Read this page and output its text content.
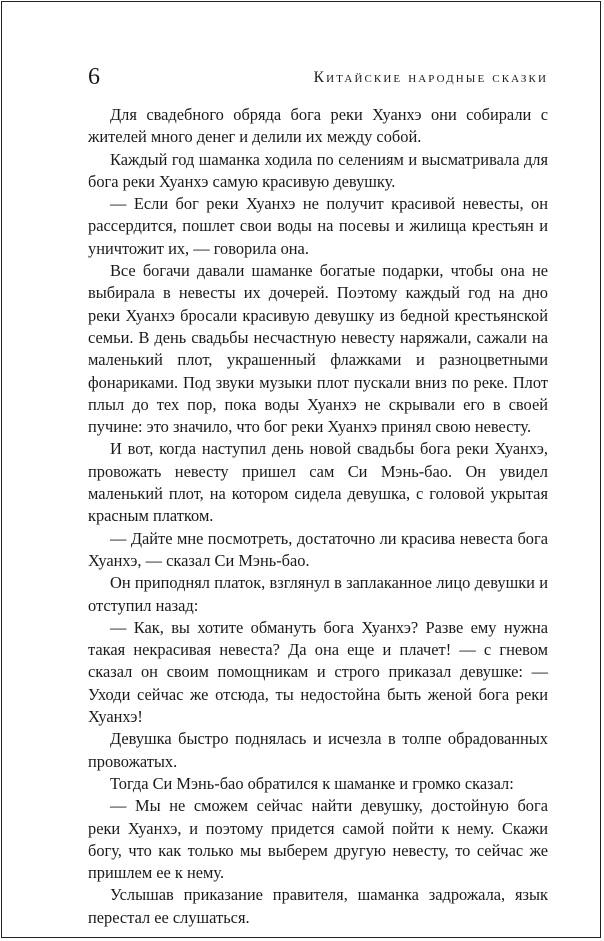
6	Китайские народные сказки

Для свадебного обряда бога реки Хуанхэ они собирали с жителей много денег и делили их между собой.

Каждый год шаманка ходила по селениям и высматривала для бога реки Хуанхэ самую красивую девушку.

— Если бог реки Хуанхэ не получит красивой невесты, он рассердится, пошлет свои воды на посевы и жилища крестьян и уничтожит их, — говорила она.

Все богачи давали шаманке богатые подарки, чтобы она не выбирала в невесты их дочерей. Поэтому каждый год на дно реки Хуанхэ бросали красивую девушку из бедной крестьянской семьи. В день свадьбы несчастную невесту наряжали, сажали на маленький плот, украшенный флажками и разноцветными фонариками. Под звуки музыки плот пускали вниз по реке. Плот плыл до тех пор, пока воды Хуанхэ не скрывали его в своей пучине: это значило, что бог реки Хуанхэ принял свою невесту.

И вот, когда наступил день новой свадьбы бога реки Хуанхэ, провожать невесту пришел сам Си Мэнь-бао. Он увидел маленький плот, на котором сидела девушка, с головой укрытая красным платком.

— Дайте мне посмотреть, достаточно ли красива невеста бога Хуанхэ, — сказал Си Мэнь-бао.

Он приподнял платок, взглянул в заплаканное лицо девушки и отступил назад:

— Как, вы хотите обмануть бога Хуанхэ? Разве ему нужна такая некрасивая невеста? Да она еще и плачет! — с гневом сказал он своим помощникам и строго приказал девушке: — Уходи сейчас же отсюда, ты недостойна быть женой бога реки Хуанхэ!

Девушка быстро поднялась и исчезла в толпе обрадованных провожатых.

Тогда Си Мэнь-бао обратился к шаманке и громко сказал:

— Мы не сможем сейчас найти девушку, достойную бога реки Хуанхэ, и поэтому придется самой пойти к нему. Скажи богу, что как только мы выберем другую невесту, то сейчас же пришлем ее к нему.

Услышав приказание правителя, шаманка задрожала, язык перестал ее слушаться.
